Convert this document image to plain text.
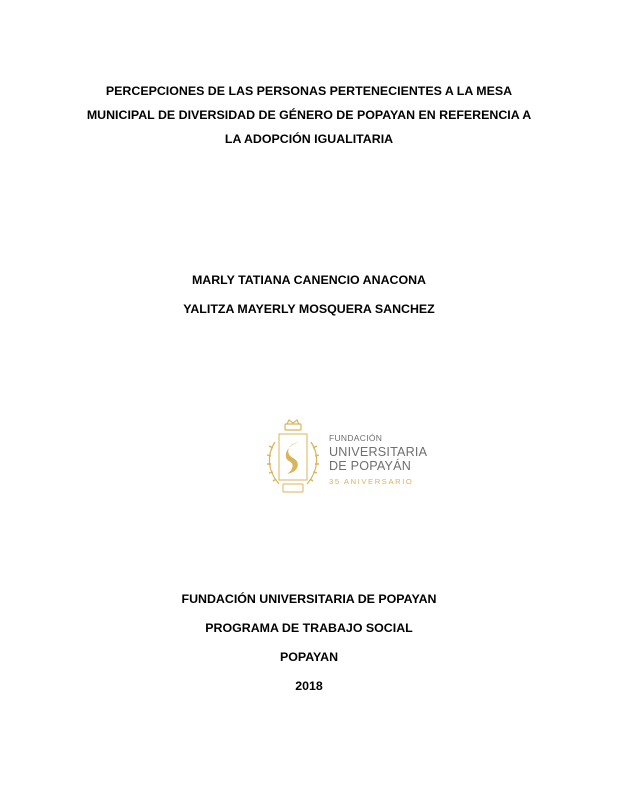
PERCEPCIONES DE LAS PERSONAS PERTENECIENTES A LA MESA
MUNICIPAL DE DIVERSIDAD DE GÉNERO DE POPAYAN EN REFERENCIA A
LA ADOPCIÓN IGUALITARIA
MARLY TATIANA CANENCIO ANACONA
YALITZA MAYERLY MOSQUERA SANCHEZ
FUNDACIÓN
UNIVERSITARIA
DE POPAYÁN
35 ANIVERSARIO
FUNDACIÓN UNIVERSITARIA DE POPAYAN
PROGRAMA DE TRABAJO SOCIAL
POPAYAN
2018
